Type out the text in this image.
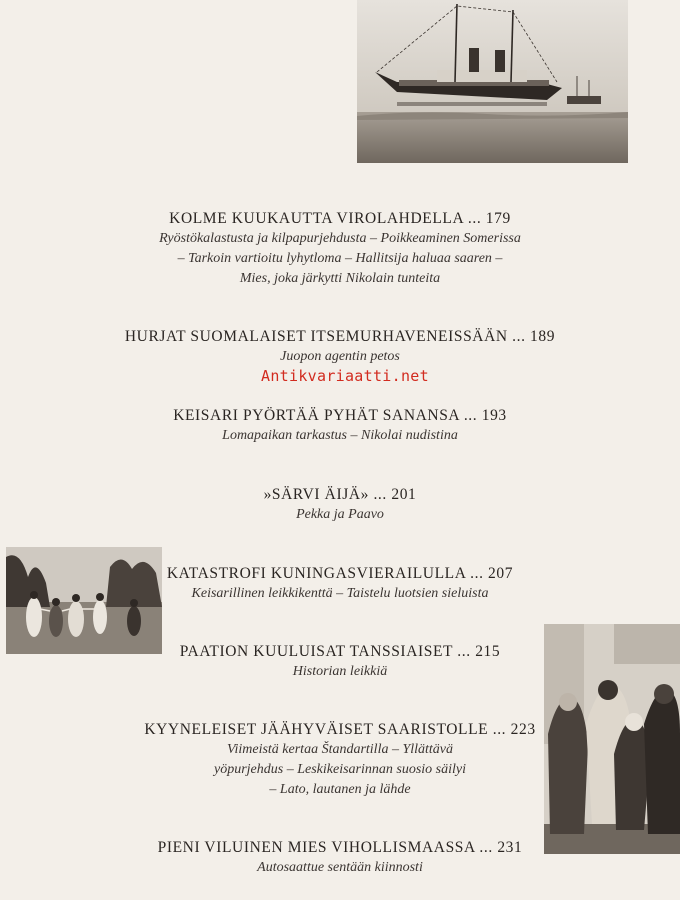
KOLME KUUKAUTTA VIROLAHDELLA ... 179
Ryöstökalastusta ja kilpapurjehdusta – Poikkeaminen Somerissa
– Tarkoin vartioitu lyhytloma – Hallitsija haluaa saaren –
Mies, joka järkytti Nikolain tunteita
HURJAT SUOMALAISET ITSEMURHAVENEISSÄÄN ... 189
Juopon agentin petos
KEISARI PYÖRTÄÄ PYHÄT SANANSA ... 193
Lomapaikan tarkastus – Nikolai nudistina
»SÄRVI ÄIJÄ» ... 201
Pekka ja Paavo
KATASTROFI KUNINGASVIERAILULLA ... 207
Keisarillinen leikkikenttä – Taistelu luotsien sieluista
PAATION KUULUISAT TANSSIAISET ... 215
Historian leikkiä
KYYNELEISET JÄÄHYVÄISET SAARISTOLLE ... 223
Viimeistä kertaa Štandartilla – Yllättävä
yöpurjehdus – Leskikeisarinnan suosio säilyi
– Lato, lautanen ja lähde
PIENI VILUINEN MIES VIHOLLISMAASSA ... 231
Autosaattue sentään kiinnosti
Antikvariaatti.net
